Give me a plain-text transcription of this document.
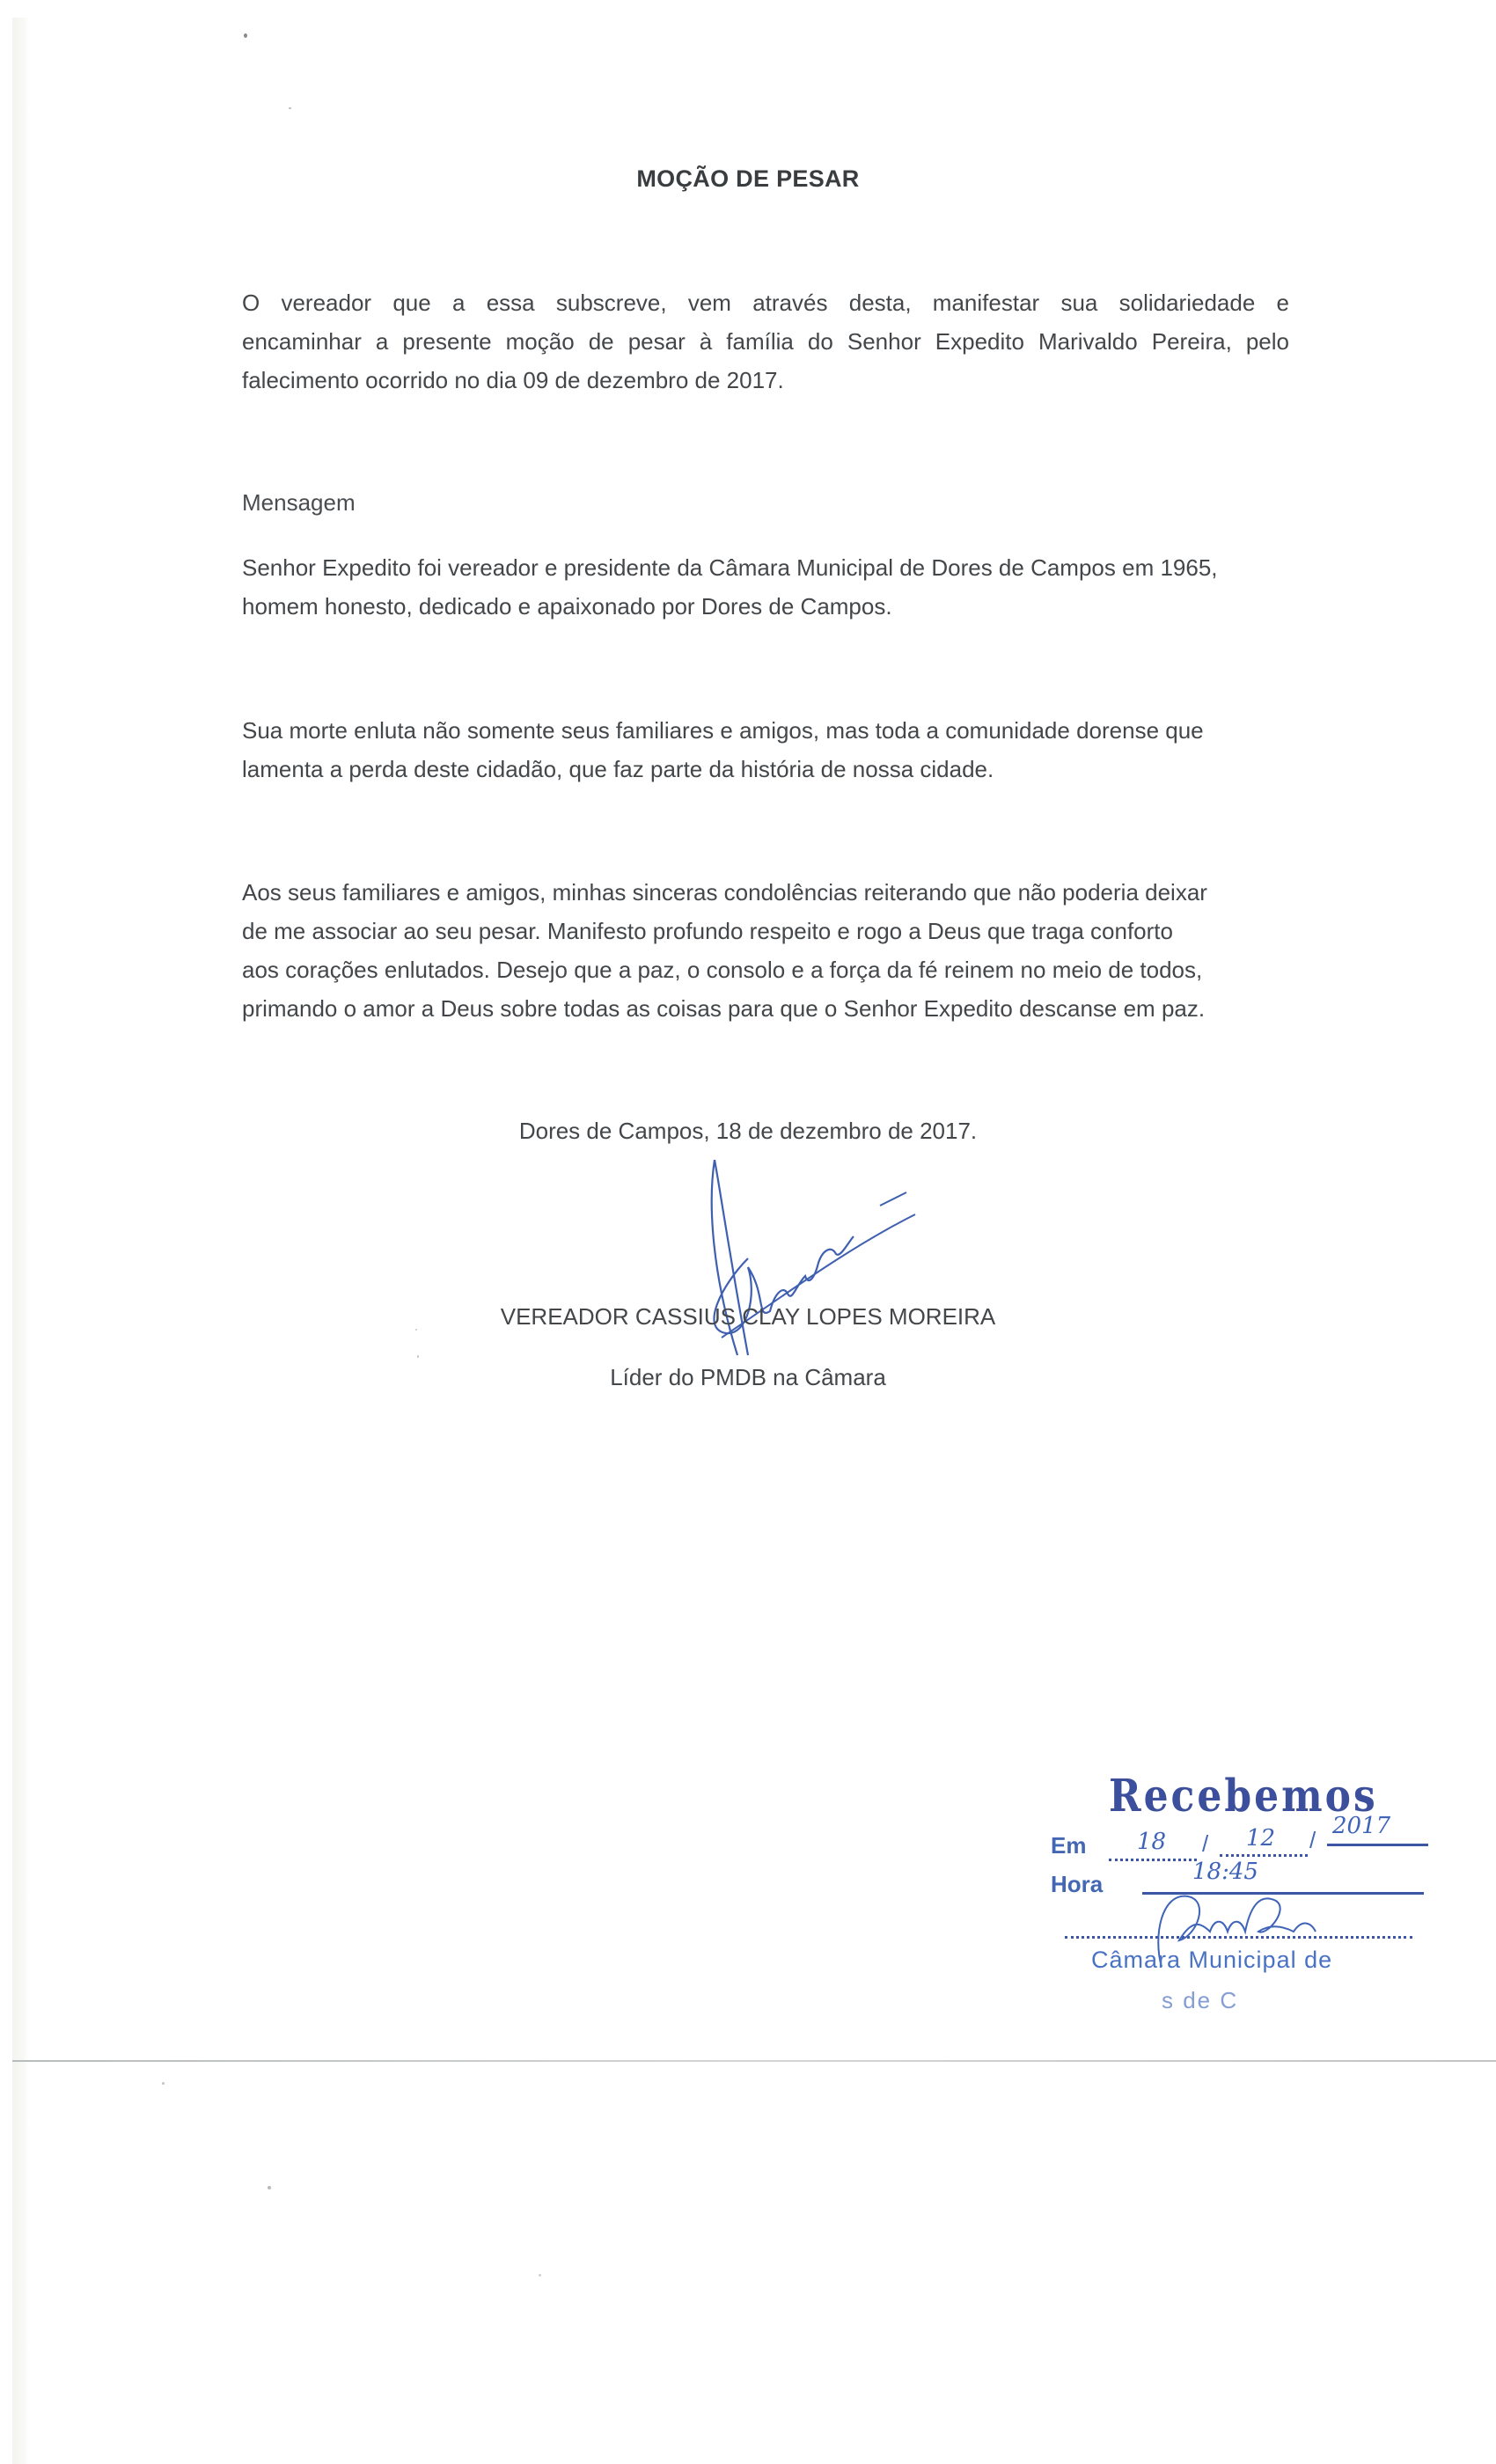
MOÇÃO DE PESAR
O vereador que a essa subscreve, vem através desta, manifestar sua solidariedade e
encaminhar a presente moção de pesar à família do Senhor Expedito Marivaldo Pereira, pelo
falecimento ocorrido no dia 09 de dezembro de 2017.
Mensagem
Senhor Expedito foi vereador e presidente da Câmara Municipal de Dores de Campos em 1965,
homem honesto, dedicado e apaixonado por Dores de Campos.
Sua morte enluta não somente seus familiares e amigos, mas toda a comunidade dorense que
lamenta a perda deste cidadão, que faz parte da história de nossa cidade.
Aos seus familiares e amigos, minhas sinceras condolências reiterando que não poderia deixar
de me associar ao seu pesar. Manifesto profundo respeito e rogo a Deus que traga conforto
aos corações enlutados. Desejo que a paz, o consolo e a força da fé reinem no meio de todos,
primando o amor a Deus sobre todas as coisas para que o Senhor Expedito descanse em paz.
Dores de Campos, 18 de dezembro de 2017.
VEREADOR CASSIUS CLAY LOPES MOREIRA
Líder do PMDB na Câmara
Recebemos
Em 18 / 12 /
2017
Hora	18:45
Câmara Municipal de
s de C
